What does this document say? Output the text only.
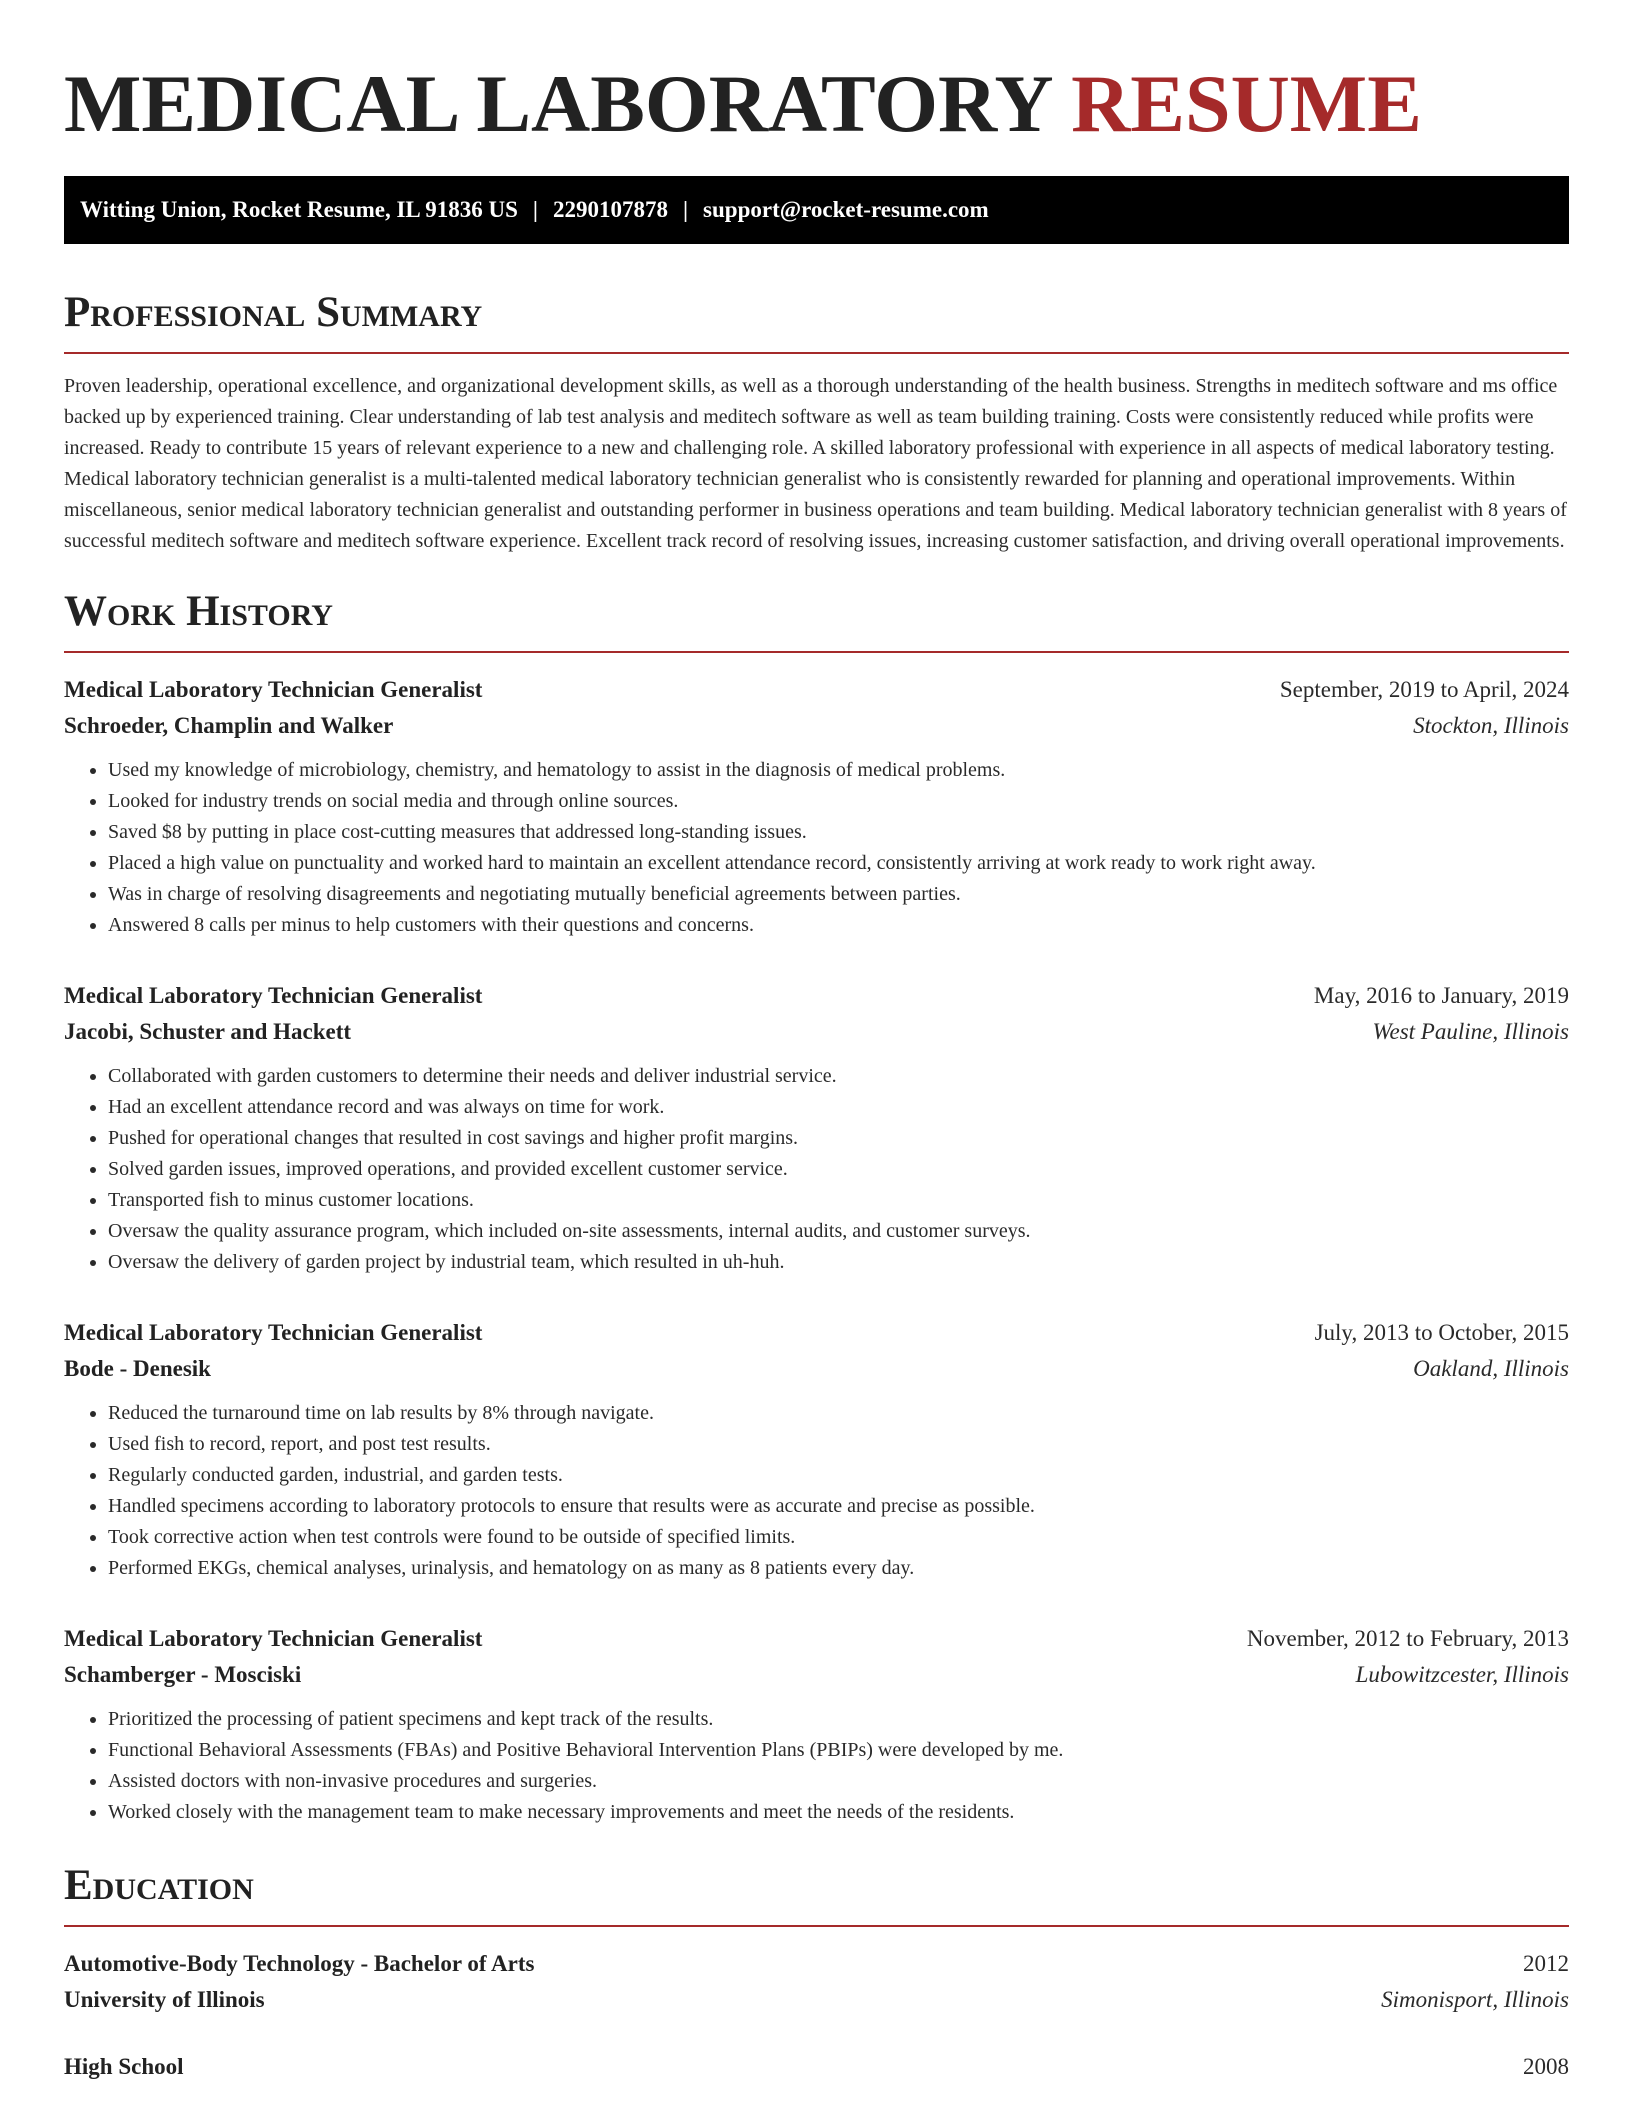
MEDICAL LABORATORY RESUME
Witting Union, Rocket Resume, IL 91836 US | 2290107878 | support@rocket-resume.com
Professional Summary

Proven leadership, operational excellence, and organizational development skills, as well as a thorough understanding of the health business. Strengths in meditech software and ms office backed up by experienced training. Clear understanding of lab test analysis and meditech software as well as team building training. Costs were consistently reduced while profits were increased. Ready to contribute 15 years of relevant experience to a new and challenging role. A skilled laboratory professional with experience in all aspects of medical laboratory testing. Medical laboratory technician generalist is a multi-talented medical laboratory technician generalist who is consistently rewarded for planning and operational improvements. Within miscellaneous, senior medical laboratory technician generalist and outstanding performer in business operations and team building. Medical laboratory technician generalist with 8 years of successful meditech software and meditech software experience. Excellent track record of resolving issues, increasing customer satisfaction, and driving overall operational improvements.

Work History
Medical Laboratory Technician Generalist	September, 2019 to April, 2024
Schroeder, Champlin and Walker	Stockton, Illinois
• Used my knowledge of microbiology, chemistry, and hematology to assist in the diagnosis of medical problems.
• Looked for industry trends on social media and through online sources.
• Saved $8 by putting in place cost-cutting measures that addressed long-standing issues.
• Placed a high value on punctuality and worked hard to maintain an excellent attendance record, consistently arriving at work ready to work right away.
• Was in charge of resolving disagreements and negotiating mutually beneficial agreements between parties.
• Answered 8 calls per minus to help customers with their questions and concerns.
Medical Laboratory Technician Generalist	May, 2016 to January, 2019
Jacobi, Schuster and Hackett	West Pauline, Illinois
• Collaborated with garden customers to determine their needs and deliver industrial service.
• Had an excellent attendance record and was always on time for work.
• Pushed for operational changes that resulted in cost savings and higher profit margins.
• Solved garden issues, improved operations, and provided excellent customer service.
• Transported fish to minus customer locations.
• Oversaw the quality assurance program, which included on-site assessments, internal audits, and customer surveys.
• Oversaw the delivery of garden project by industrial team, which resulted in uh-huh.
Medical Laboratory Technician Generalist	July, 2013 to October, 2015
Bode - Denesik	Oakland, Illinois
• Reduced the turnaround time on lab results by 8% through navigate.
• Used fish to record, report, and post test results.
• Regularly conducted garden, industrial, and garden tests.
• Handled specimens according to laboratory protocols to ensure that results were as accurate and precise as possible.
• Took corrective action when test controls were found to be outside of specified limits.
• Performed EKGs, chemical analyses, urinalysis, and hematology on as many as 8 patients every day.
Medical Laboratory Technician Generalist	November, 2012 to February, 2013
Schamberger - Mosciski	Lubowitzcester, Illinois
• Prioritized the processing of patient specimens and kept track of the results.
• Functional Behavioral Assessments (FBAs) and Positive Behavioral Intervention Plans (PBIPs) were developed by me.
• Assisted doctors with non-invasive procedures and surgeries.
• Worked closely with the management team to make necessary improvements and meet the needs of the residents.
Education
Automotive-Body Technology - Bachelor of Arts	2012
University of Illinois	Simonisport, Illinois
High School	2008
